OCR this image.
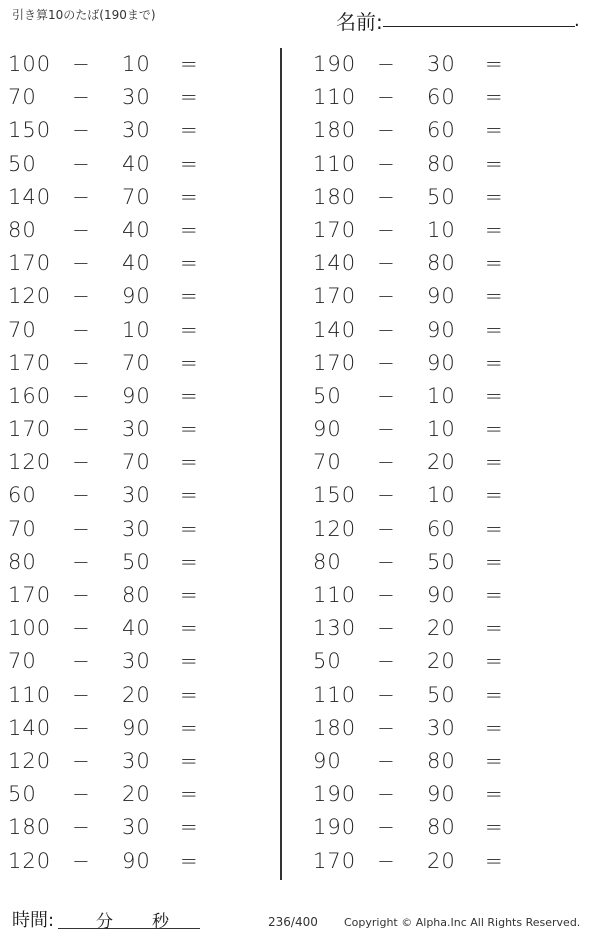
引き算10のたば(190まで)	名前:	.
100 − 10 =
70 − 30 =
150 − 30 =
50 − 40 =
140 − 70 =
80 − 40 =
170 − 40 =
120 − 90 =
70 − 10 =
170 − 70 =
160 − 90 =
170 − 30 =
120 − 70 =
60 − 30 =
70 − 30 =
80 − 50 =
170 − 80 =
100 − 40 =
70 − 30 =
110 − 20 =
140 − 90 =
120 − 30 =
50 − 20 =
180 − 30 =
120 − 90 =
190 − 30 =
110 − 60 =
180 − 60 =
110 − 80 =
180 − 50 =
170 − 10 =
140 − 80 =
170 − 90 =
140 − 90 =
170 − 90 =
50 − 10 =
90 − 10 =
70 − 20 =
150 − 10 =
120 − 60 =
80 − 50 =
110 − 90 =
130 − 20 =
50 − 20 =
110 − 50 =
180 − 30 =
90 − 80 =
190 − 90 =
190 − 80 =
170 − 20 =
時間: 分 秒	236/400 Copyright © Alpha.Inc All Rights Reserved.
